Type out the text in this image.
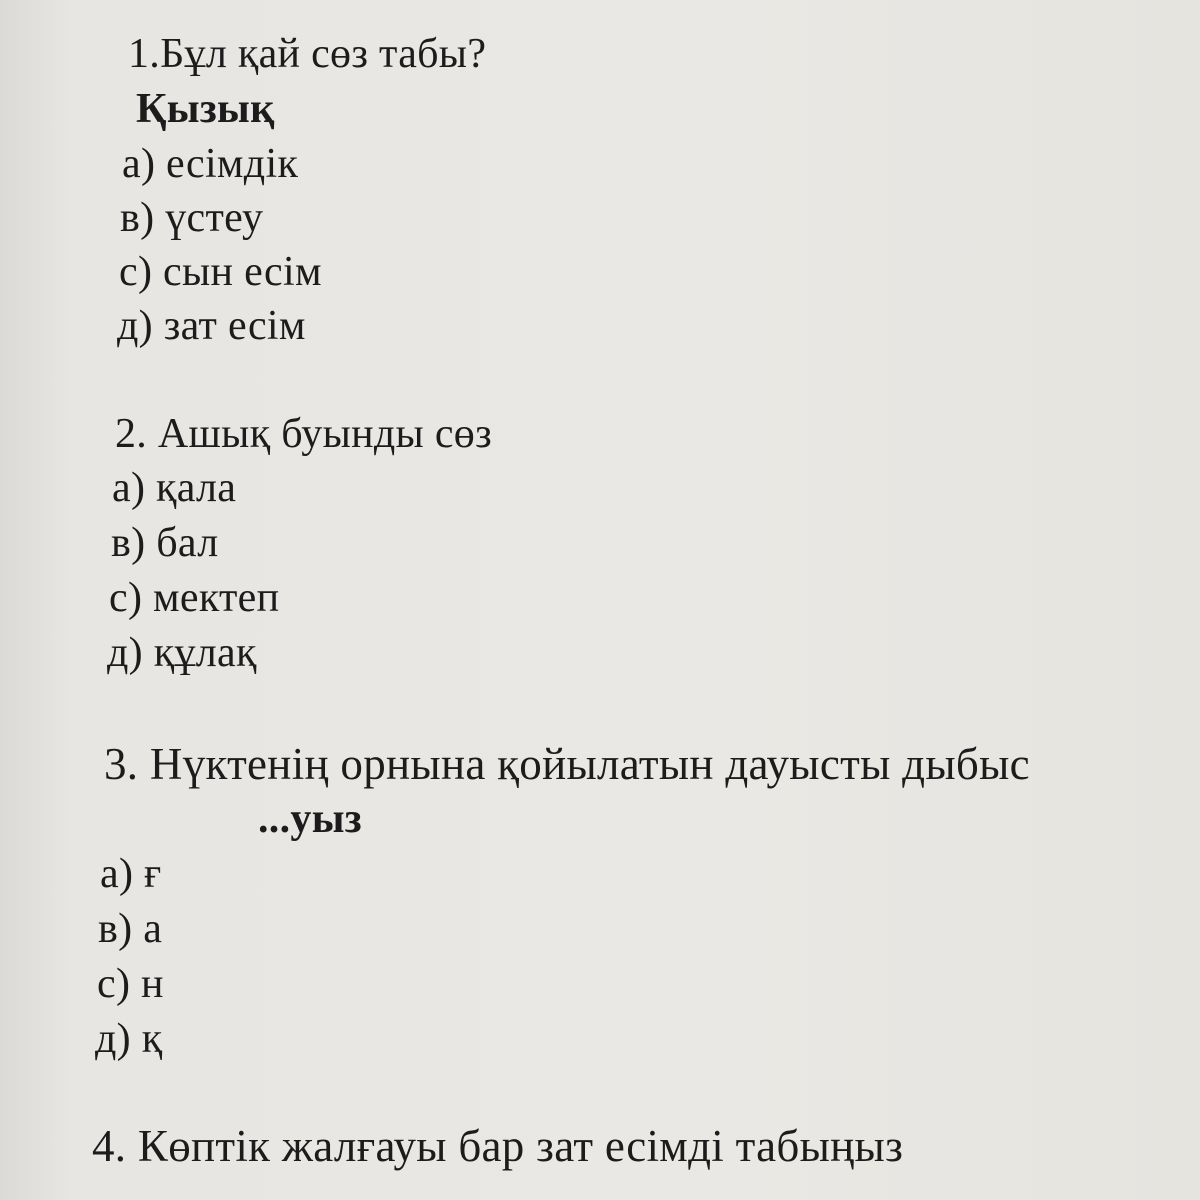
1.Бұл қай сөз табы?
Қызық
а) есімдік
в) үстеу
с) сын есім
д) зат есім
2. Ашық буынды сөз
а) қала
в) бал
с) мектеп
д) құлақ
3. Нүктенің орнына қойылатын дауысты дыбыс
...уыз
а) ғ
в) а
с) н
д) қ
4. Көптік жалғауы бар зат есімді табыңыз
